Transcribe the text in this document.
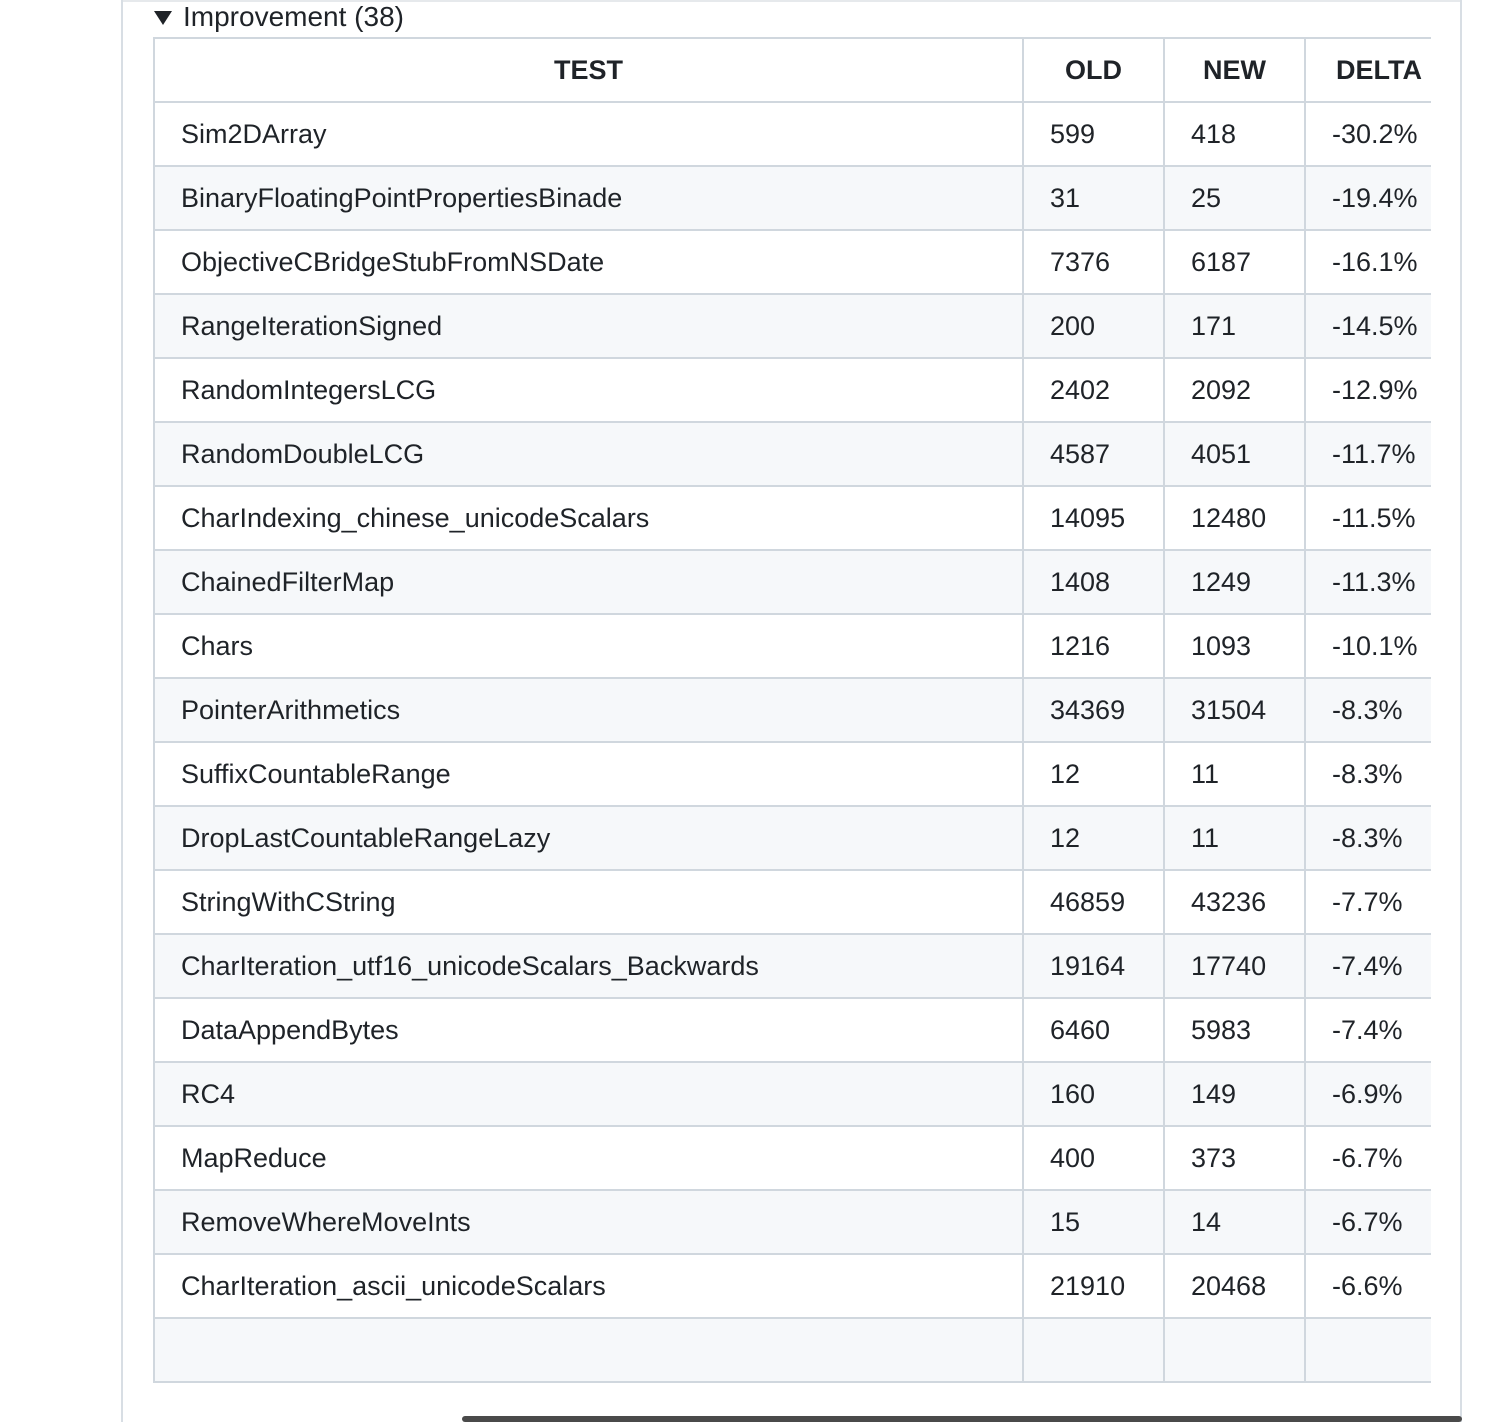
Improvement (38)
TEST	OLD	NEW	DELTA
Sim2DArray	599	418	-30.2%
BinaryFloatingPointPropertiesBinade	31	25	-19.4%
ObjectiveCBridgeStubFromNSDate	7376	6187	-16.1%
RangeIterationSigned	200	171	-14.5%
RandomIntegersLCG	2402	2092	-12.9%
RandomDoubleLCG	4587	4051	-11.7%
CharIndexing_chinese_unicodeScalars	14095	12480	-11.5%
ChainedFilterMap	1408	1249	-11.3%
Chars	1216	1093	-10.1%
PointerArithmetics	34369	31504	-8.3%
SuffixCountableRange	12	11	-8.3%
DropLastCountableRangeLazy	12	11	-8.3%
StringWithCString	46859	43236	-7.7%
CharIteration_utf16_unicodeScalars_Backwards	19164	17740	-7.4%
DataAppendBytes	6460	5983	-7.4%
RC4	160	149	-6.9%
MapReduce	400	373	-6.7%
RemoveWhereMoveInts	15	14	-6.7%
CharIteration_ascii_unicodeScalars	21910	20468	-6.6%
